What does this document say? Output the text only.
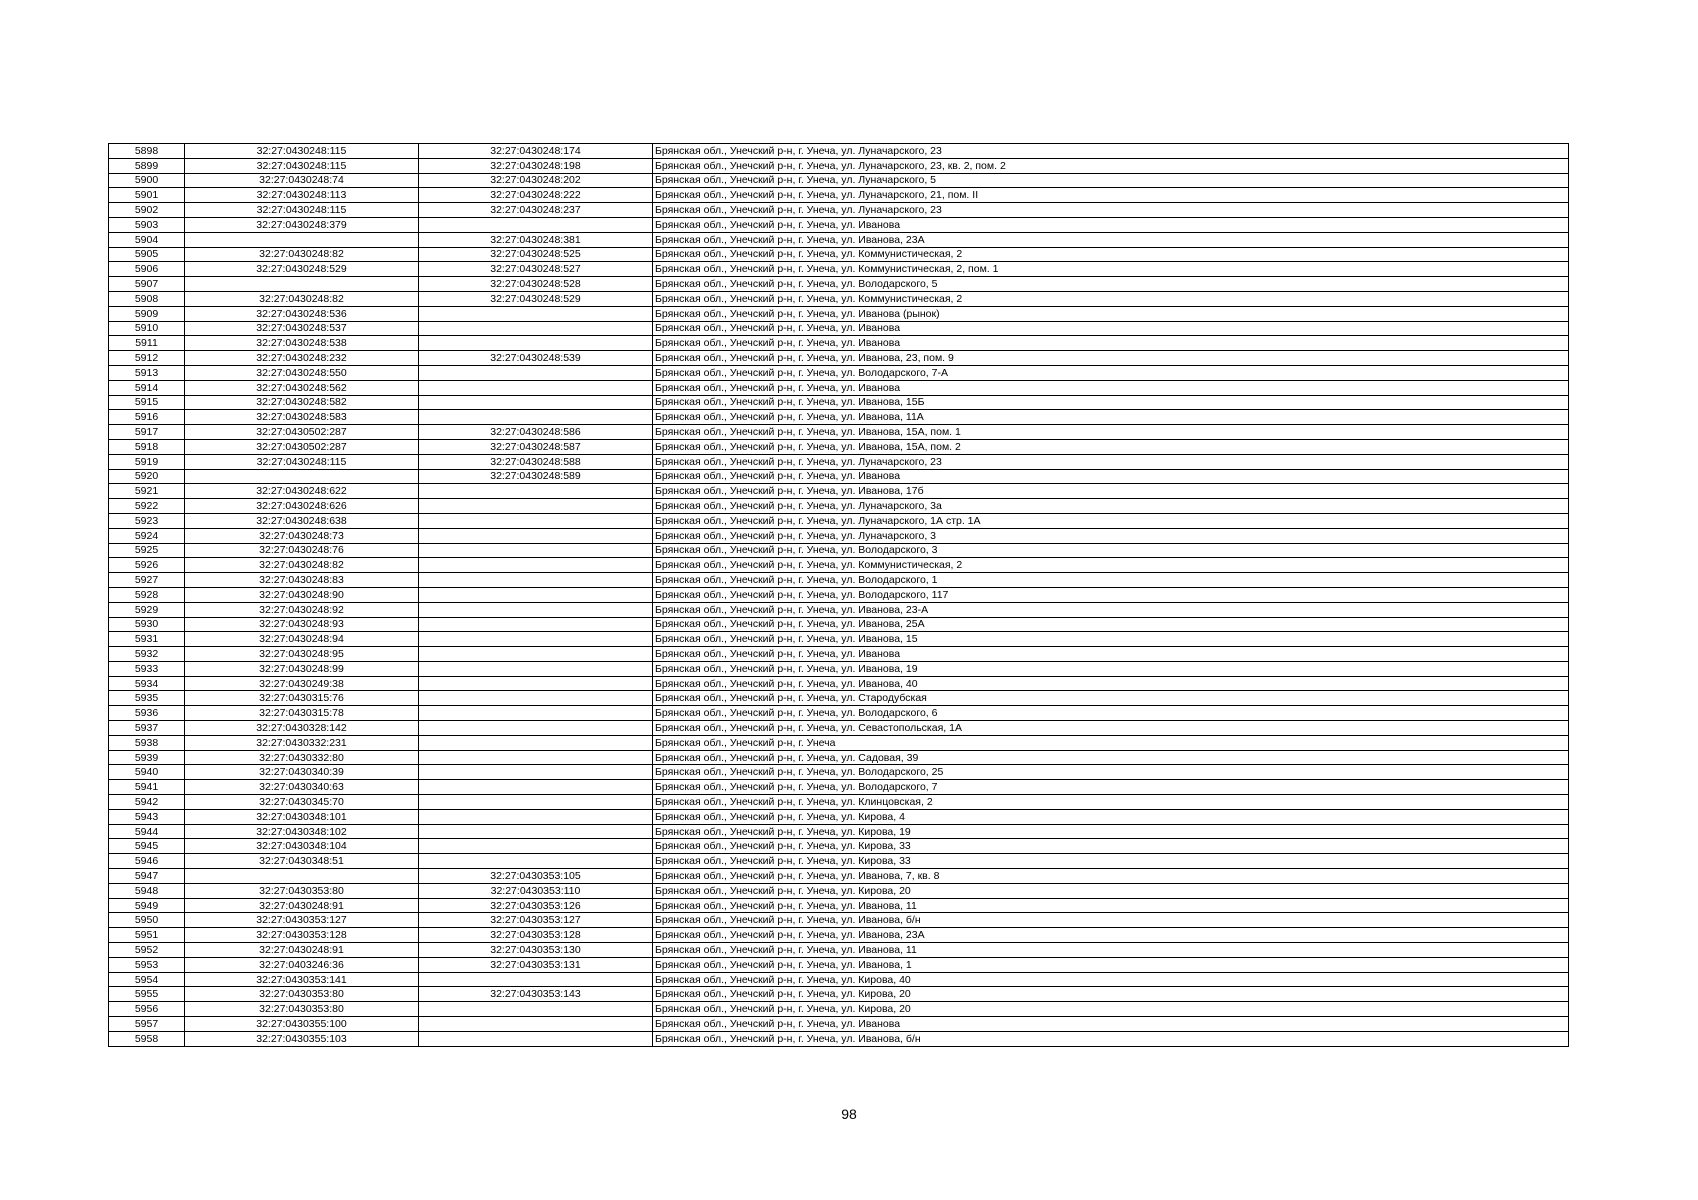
5898	32:27:0430248:115	32:27:0430248:174	Брянская обл., Унечский р-н, г. Унеча, ул. Луначарского, 23
5899	32:27:0430248:115	32:27:0430248:198	Брянская обл., Унечский р-н, г. Унеча, ул. Луначарского, 23, кв. 2, пом. 2
5900	32:27:0430248:74	32:27:0430248:202	Брянская обл., Унечский р-н, г. Унеча, ул. Луначарского, 5
5901	32:27:0430248:113	32:27:0430248:222	Брянская обл., Унечский р-н, г. Унеча, ул. Луначарского, 21, пом. II
5902	32:27:0430248:115	32:27:0430248:237	Брянская обл., Унечский р-н, г. Унеча, ул. Луначарского, 23
5903	32:27:0430248:379		Брянская обл., Унечский р-н, г. Унеча, ул. Иванова
5904		32:27:0430248:381	Брянская обл., Унечский р-н, г. Унеча, ул. Иванова, 23А
5905	32:27:0430248:82	32:27:0430248:525	Брянская обл., Унечский р-н, г. Унеча, ул. Коммунистическая, 2
5906	32:27:0430248:529	32:27:0430248:527	Брянская обл., Унечский р-н, г. Унеча, ул. Коммунистическая, 2, пом. 1
5907		32:27:0430248:528	Брянская обл., Унечский р-н, г. Унеча, ул. Володарского, 5
5908	32:27:0430248:82	32:27:0430248:529	Брянская обл., Унечский р-н, г. Унеча, ул. Коммунистическая, 2
5909	32:27:0430248:536		Брянская обл., Унечский р-н, г. Унеча, ул. Иванова (рынок)
5910	32:27:0430248:537		Брянская обл., Унечский р-н, г. Унеча, ул. Иванова
5911	32:27:0430248:538		Брянская обл., Унечский р-н, г. Унеча, ул. Иванова
5912	32:27:0430248:232	32:27:0430248:539	Брянская обл., Унечский р-н, г. Унеча, ул. Иванова, 23, пом. 9
5913	32:27:0430248:550		Брянская обл., Унечский р-н, г. Унеча, ул. Володарского, 7-А
5914	32:27:0430248:562		Брянская обл., Унечский р-н, г. Унеча, ул. Иванова
5915	32:27:0430248:582		Брянская обл., Унечский р-н, г. Унеча, ул. Иванова, 15Б
5916	32:27:0430248:583		Брянская обл., Унечский р-н, г. Унеча, ул. Иванова, 11А
5917	32:27:0430502:287	32:27:0430248:586	Брянская обл., Унечский р-н, г. Унеча, ул. Иванова, 15А, пом. 1
5918	32:27:0430502:287	32:27:0430248:587	Брянская обл., Унечский р-н, г. Унеча, ул. Иванова, 15А, пом. 2
5919	32:27:0430248:115	32:27:0430248:588	Брянская обл., Унечский р-н, г. Унеча, ул. Луначарского, 23
5920		32:27:0430248:589	Брянская обл., Унечский р-н, г. Унеча, ул. Иванова
5921	32:27:0430248:622		Брянская обл., Унечский р-н, г. Унеча, ул. Иванова, 17б
5922	32:27:0430248:626		Брянская обл., Унечский р-н, г. Унеча, ул. Луначарского, 3а
5923	32:27:0430248:638		Брянская обл., Унечский р-н, г. Унеча, ул. Луначарского, 1А стр. 1А
5924	32:27:0430248:73		Брянская обл., Унечский р-н, г. Унеча, ул. Луначарского, 3
5925	32:27:0430248:76		Брянская обл., Унечский р-н, г. Унеча, ул. Володарского, 3
5926	32:27:0430248:82		Брянская обл., Унечский р-н, г. Унеча, ул. Коммунистическая, 2
5927	32:27:0430248:83		Брянская обл., Унечский р-н, г. Унеча, ул. Володарского, 1
5928	32:27:0430248:90		Брянская обл., Унечский р-н, г. Унеча, ул. Володарского, 117
5929	32:27:0430248:92		Брянская обл., Унечский р-н, г. Унеча, ул. Иванова, 23-А
5930	32:27:0430248:93		Брянская обл., Унечский р-н, г. Унеча, ул. Иванова, 25А
5931	32:27:0430248:94		Брянская обл., Унечский р-н, г. Унеча, ул. Иванова, 15
5932	32:27:0430248:95		Брянская обл., Унечский р-н, г. Унеча, ул. Иванова
5933	32:27:0430248:99		Брянская обл., Унечский р-н, г. Унеча, ул. Иванова, 19
5934	32:27:0430249:38		Брянская обл., Унечский р-н, г. Унеча, ул. Иванова, 40
5935	32:27:0430315:76		Брянская обл., Унечский р-н, г. Унеча, ул. Стародубская
5936	32:27:0430315:78		Брянская обл., Унечский р-н, г. Унеча, ул. Володарского, 6
5937	32:27:0430328:142		Брянская обл., Унечский р-н, г. Унеча, ул. Севастопольская, 1А
5938	32:27:0430332:231		Брянская обл., Унечский р-н, г. Унеча
5939	32:27:0430332:80		Брянская обл., Унечский р-н, г. Унеча, ул. Садовая, 39
5940	32:27:0430340:39		Брянская обл., Унечский р-н, г. Унеча, ул. Володарского, 25
5941	32:27:0430340:63		Брянская обл., Унечский р-н, г. Унеча, ул. Володарского, 7
5942	32:27:0430345:70		Брянская обл., Унечский р-н, г. Унеча, ул. Клинцовская, 2
5943	32:27:0430348:101		Брянская обл., Унечский р-н, г. Унеча, ул. Кирова, 4
5944	32:27:0430348:102		Брянская обл., Унечский р-н, г. Унеча, ул. Кирова, 19
5945	32:27:0430348:104		Брянская обл., Унечский р-н, г. Унеча, ул. Кирова, 33
5946	32:27:0430348:51		Брянская обл., Унечский р-н, г. Унеча, ул. Кирова, 33
5947		32:27:0430353:105	Брянская обл., Унечский р-н, г. Унеча, ул. Иванова, 7, кв. 8
5948	32:27:0430353:80	32:27:0430353:110	Брянская обл., Унечский р-н, г. Унеча, ул. Кирова, 20
5949	32:27:0430248:91	32:27:0430353:126	Брянская обл., Унечский р-н, г. Унеча, ул. Иванова, 11
5950	32:27:0430353:127	32:27:0430353:127	Брянская обл., Унечский р-н, г. Унеча, ул. Иванова, б/н
5951	32:27:0430353:128	32:27:0430353:128	Брянская обл., Унечский р-н, г. Унеча, ул. Иванова, 23А
5952	32:27:0430248:91	32:27:0430353:130	Брянская обл., Унечский р-н, г. Унеча, ул. Иванова, 11
5953	32:27:0403246:36	32:27:0430353:131	Брянская обл., Унечский р-н, г. Унеча, ул. Иванова, 1
5954	32:27:0430353:141		Брянская обл., Унечский р-н, г. Унеча, ул. Кирова, 40
5955	32:27:0430353:80	32:27:0430353:143	Брянская обл., Унечский р-н, г. Унеча, ул. Кирова, 20
5956	32:27:0430353:80		Брянская обл., Унечский р-н, г. Унеча, ул. Кирова, 20
5957	32:27:0430355:100		Брянская обл., Унечский р-н, г. Унеча, ул. Иванова
5958	32:27:0430355:103		Брянская обл., Унечский р-н, г. Унеча, ул. Иванова, б/н
98
